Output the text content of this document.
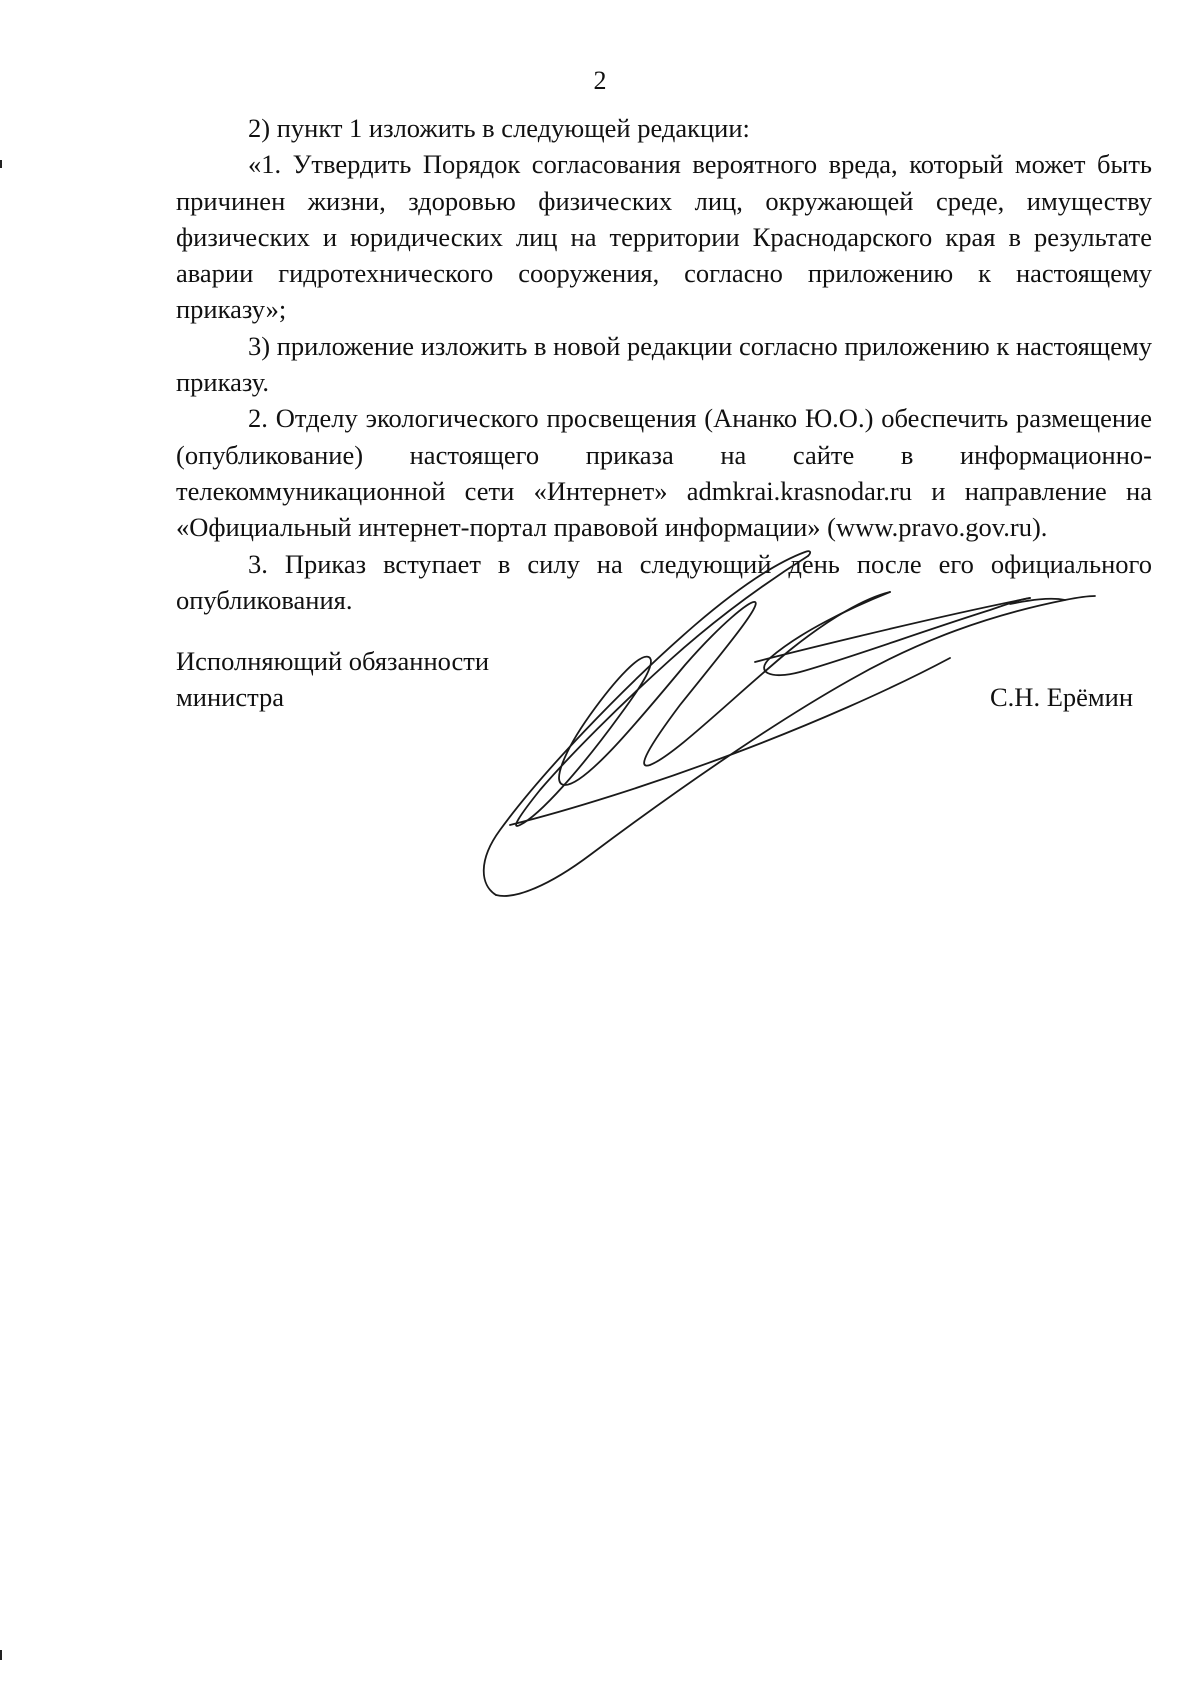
2

2) пункт 1 изложить в следующей редакции:

«1. Утвердить Порядок согласования вероятного вреда, который может быть причинен жизни, здоровью физических лиц, окружающей среде, имуществу физических и юридических лиц на территории Краснодарского края в результате аварии гидротехнического сооружения, согласно приложению к настоящему приказу»;

3) приложение изложить в новой редакции согласно приложению к настоящему приказу.

2. Отделу экологического просвещения (Ананко Ю.О.) обеспечить размещение (опубликование) настоящего приказа на сайте в информационно-телекоммуникационной сети «Интернет» admkrai.krasnodar.ru и направление на «Официальный интернет-портал правовой информации» (www.pravo.gov.ru).

3. Приказ вступает в силу на следующий день после его официального опубликования.

Исполняющий обязанности
министра	С.Н. Ерёмин
